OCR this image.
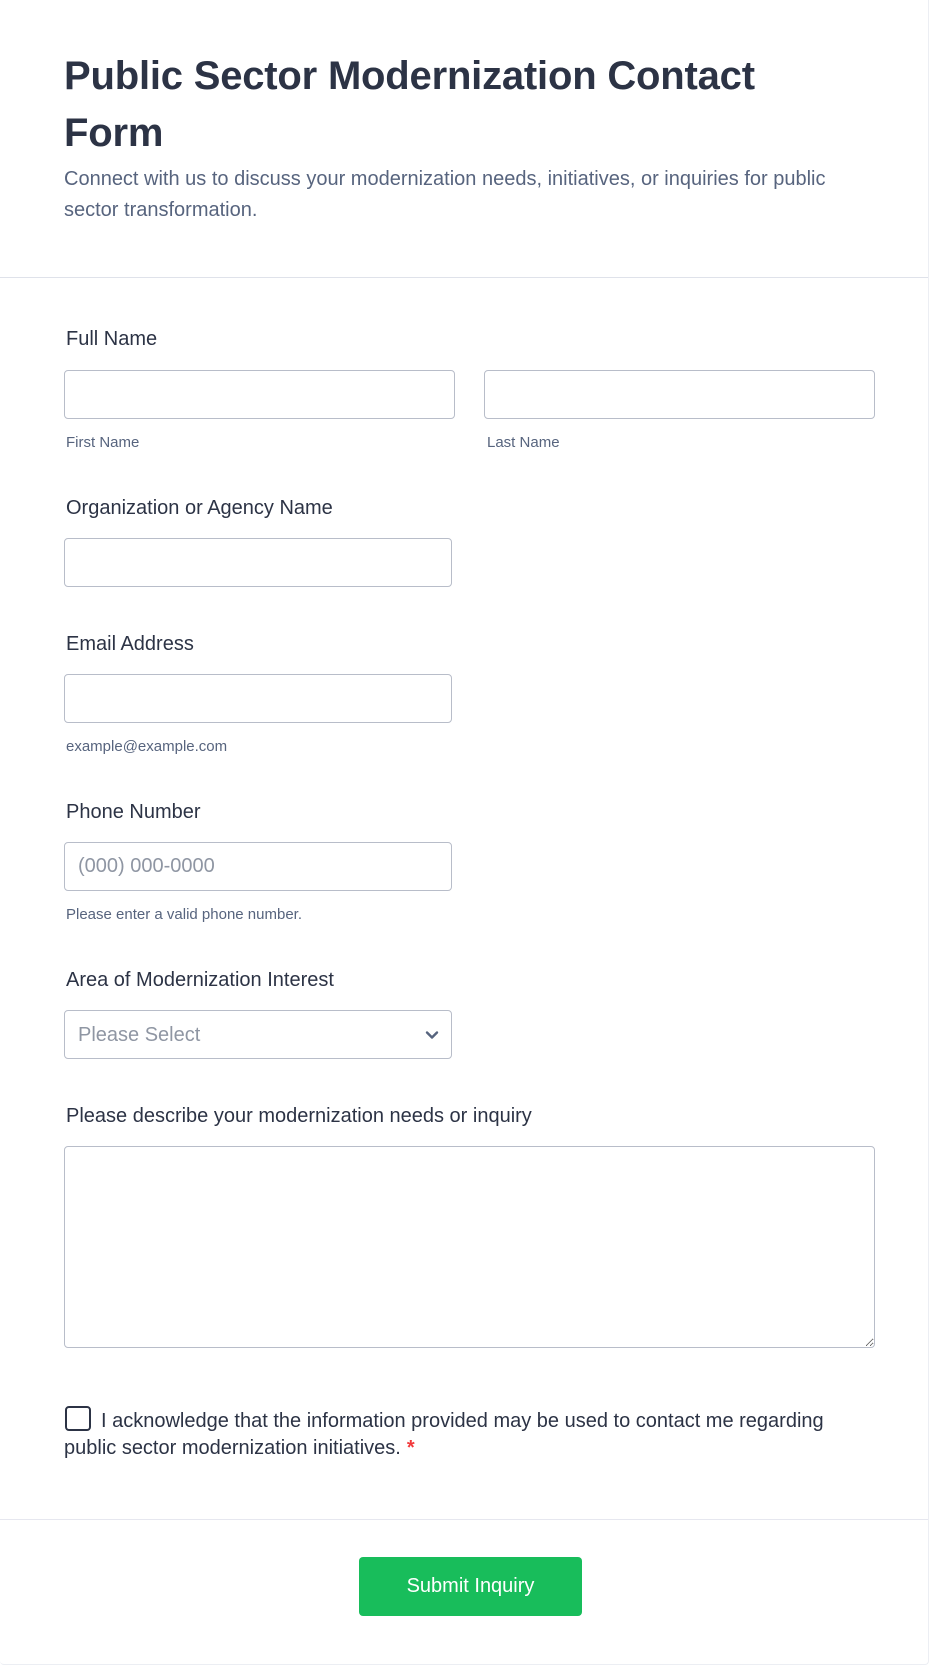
Public Sector Modernization Contact Form

Connect with us to discuss your modernization needs, initiatives, or inquiries for public sector transformation.

Full Name
First Name	Last Name
Organization or Agency Name
Email Address
example@example.com
Phone Number
(000) 000-0000
Please enter a valid phone number.
Area of Modernization Interest
Please Select
Please describe your modernization needs or inquiry
I acknowledge that the information provided may be used to contact me regarding public sector modernization initiatives. *
Submit Inquiry
